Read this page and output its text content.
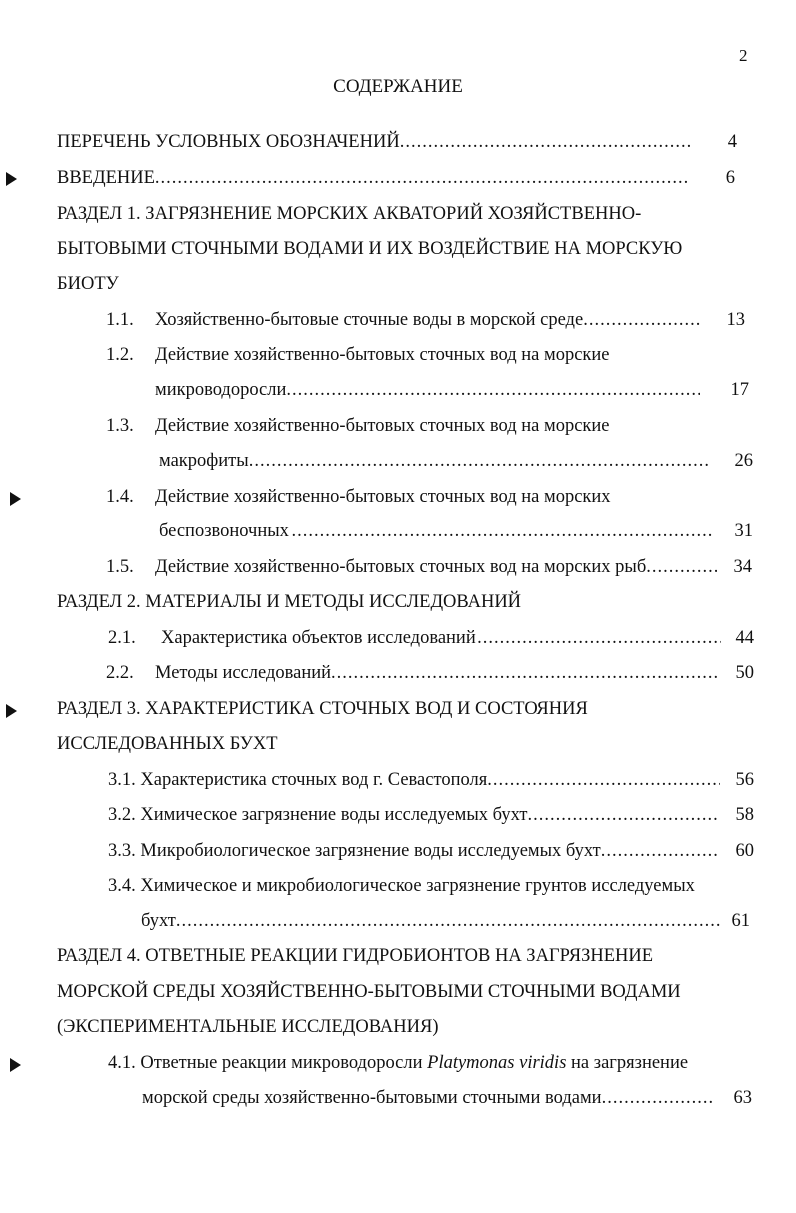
2
СОДЕРЖАНИЕ
ПЕРЕЧЕНЬ УСЛОВНЫХ ОБОЗНАЧЕНИЙ .....	4
ВВЕДЕНИЕ .....	6
РАЗДЕЛ 1. ЗАГРЯЗНЕНИЕ МОРСКИХ АКВАТОРИЙ ХОЗЯЙСТВЕННО-
БЫТОВЫМИ СТОЧНЫМИ ВОДАМИ И ИХ ВОЗДЕЙСТВИЕ НА МОРСКУЮ
БИОТУ
1.1. Хозяйственно-бытовые сточные воды в морской среде .....	13
1.2. Действие хозяйственно-бытовых сточных вод на морские
микроводоросли .....	17
1.3. Действие хозяйственно-бытовых сточных вод на морские
макрофиты .....	26
1.4. Действие хозяйственно-бытовых сточных вод на морских
беспозвоночных .....	31
1.5. Действие хозяйственно-бытовых сточных вод на морских рыб .....	34
РАЗДЕЛ 2. МАТЕРИАЛЫ И МЕТОДЫ ИССЛЕДОВАНИЙ
2.1. Характеристика объектов исследований .....	44
2.2. Методы исследований .....	50
РАЗДЕЛ 3. ХАРАКТЕРИСТИКА СТОЧНЫХ ВОД И СОСТОЯНИЯ
ИССЛЕДОВАННЫХ БУХТ
3.1. Характеристика сточных вод г. Севастополя .....	56
3.2. Химическое загрязнение воды исследуемых бухт .....	58
3.3. Микробиологическое загрязнение воды исследуемых бухт .....	60
3.4. Химическое и микробиологическое загрязнение грунтов исследуемых
бухт .....	61
РАЗДЕЛ 4. ОТВЕТНЫЕ РЕАКЦИИ ГИДРОБИОНТОВ НА ЗАГРЯЗНЕНИЕ
МОРСКОЙ СРЕДЫ ХОЗЯЙСТВЕННО-БЫТОВЫМИ СТОЧНЫМИ ВОДАМИ
(ЭКСПЕРИМЕНТАЛЬНЫЕ ИССЛЕДОВАНИЯ)
4.1. Ответные реакции микроводоросли Platymonas viridis на загрязнение
морской среды хозяйственно-бытовыми сточными водами .....	63
